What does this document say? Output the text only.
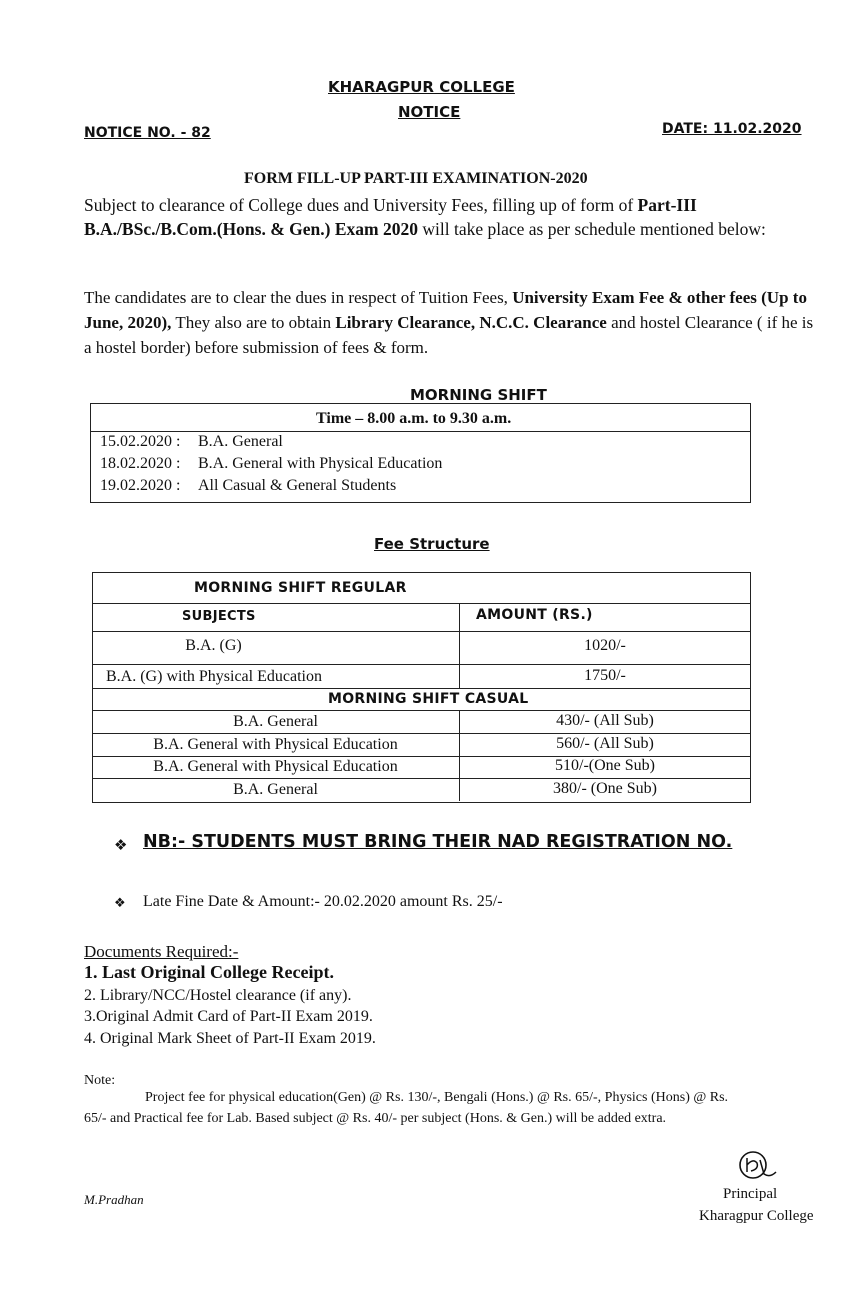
KHARAGPUR COLLEGE
NOTICE
NOTICE NO. - 82	DATE: 11.02.2020
FORM FILL-UP PART-III EXAMINATION-2020
Subject to clearance of College dues and University Fees, filling up of form of Part-III B.A./BSc./B.Com.(Hons. & Gen.) Exam 2020 will take place as per schedule mentioned below:
The candidates are to clear the dues in respect of Tuition Fees, University Exam Fee & other fees (Up to June, 2020), They also are to obtain Library Clearance, N.C.C. Clearance and hostel Clearance ( if he is a hostel border) before submission of fees & form.
MORNING SHIFT
Time – 8.00 a.m. to 9.30 a.m.
15.02.2020 : B.A. General
18.02.2020 : B.A. General with Physical Education
19.02.2020 : All Casual & General Students
Fee Structure
MORNING SHIFT REGULAR
SUBJECTS	AMOUNT (RS.)
B.A. (G)	1020/-
B.A. (G) with Physical Education	1750/-
MORNING SHIFT CASUAL
B.A. General	430/- (All Sub)
B.A. General with Physical Education	560/- (All Sub)
B.A. General with Physical Education	510/-(One Sub)
B.A. General	380/- (One Sub)
❖ NB:- STUDENTS MUST BRING THEIR NAD REGISTRATION NO.
❖ Late Fine Date & Amount:- 20.02.2020 amount Rs. 25/-
Documents Required:-
1. Last Original College Receipt.
2. Library/NCC/Hostel clearance (if any).
3.Original Admit Card of Part-II Exam 2019.
4. Original Mark Sheet of Part-II Exam 2019.
Note:
Project fee for physical education(Gen) @ Rs. 130/-, Bengali (Hons.) @ Rs. 65/-, Physics (Hons) @ Rs.
65/- and Practical fee for Lab. Based subject @ Rs. 40/- per subject (Hons. & Gen.) will be added extra.
M.Pradhan	Principal
Kharagpur College
